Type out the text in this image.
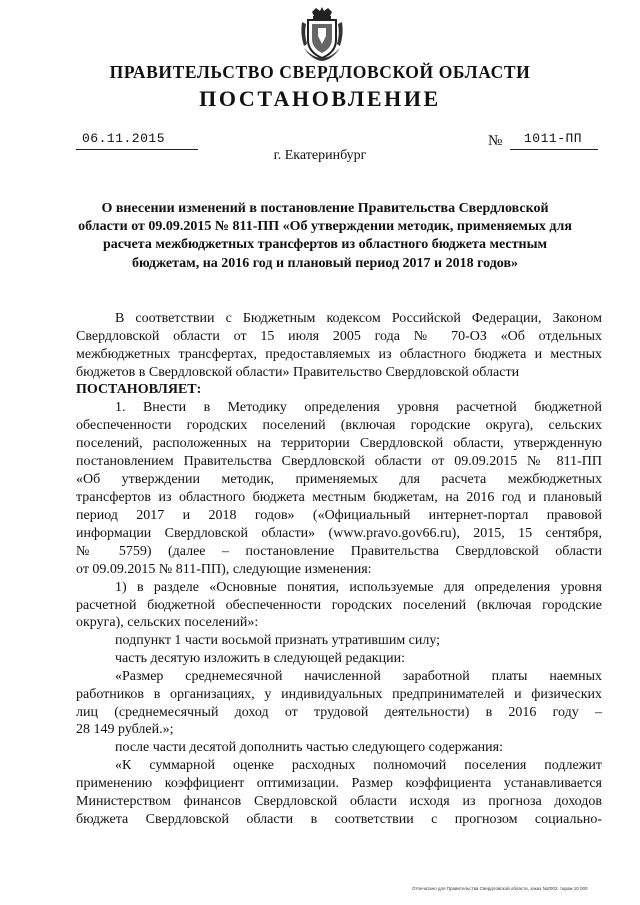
ПРАВИТЕЛЬСТВО СВЕРДЛОВСКОЙ ОБЛАСТИ
ПОСТАНОВЛЕНИЕ
06.11.2015	№ 1011-ПП
г. Екатеринбург
О внесении изменений в постановление Правительства Свердловской области от 09.09.2015 № 811-ПП «Об утверждении методик, применяемых для расчета межбюджетных трансфертов из областного бюджета местным бюджетам, на 2016 год и плановый период 2017 и 2018 годов»
В соответствии с Бюджетным кодексом Российской Федерации, Законом
Свердловской области от 15 июля 2005 года № 70-ОЗ «Об отдельных
межбюджетных трансфертах, предоставляемых из областного бюджета и местных
бюджетов в Свердловской области» Правительство Свердловской области
ПОСТАНОВЛЯЕТ:
1. Внести в Методику определения уровня расчетной бюджетной
обеспеченности городских поселений (включая городские округа), сельских
поселений, расположенных на территории Свердловской области, утвержденную
постановлением Правительства Свердловской области от 09.09.2015 № 811-ПП
«Об утверждении методик, применяемых для расчета межбюджетных
трансфертов из областного бюджета местным бюджетам, на 2016 год и плановый
период 2017 и 2018 годов» («Официальный интернет-портал правовой
информации Свердловской области» (www.pravo.gov66.ru), 2015, 15 сентября,
№ 5759) (далее – постановление Правительства Свердловской области
от 09.09.2015 № 811-ПП), следующие изменения:
1) в разделе «Основные понятия, используемые для определения уровня
расчетной бюджетной обеспеченности городских поселений (включая городские
округа), сельских поселений»:
подпункт 1 части восьмой признать утратившим силу;
часть десятую изложить в следующей редакции:
«Размер среднемесячной начисленной заработной платы наемных
работников в организациях, у индивидуальных предпринимателей и физических
лиц (среднемесячный доход от трудовой деятельности) в 2016 году –
28 149 рублей.»;
после части десятой дополнить частью следующего содержания:
«К суммарной оценке расходных полномочий поселения подлежит
применению коэффициент оптимизации. Размер коэффициента устанавливается
Министерством финансов Свердловской области исходя из прогноза доходов
бюджета Свердловской области в соответствии с прогнозом социально-
Отпечатано для Правительства Свердловской области, заказ №2002, тираж 10 000
